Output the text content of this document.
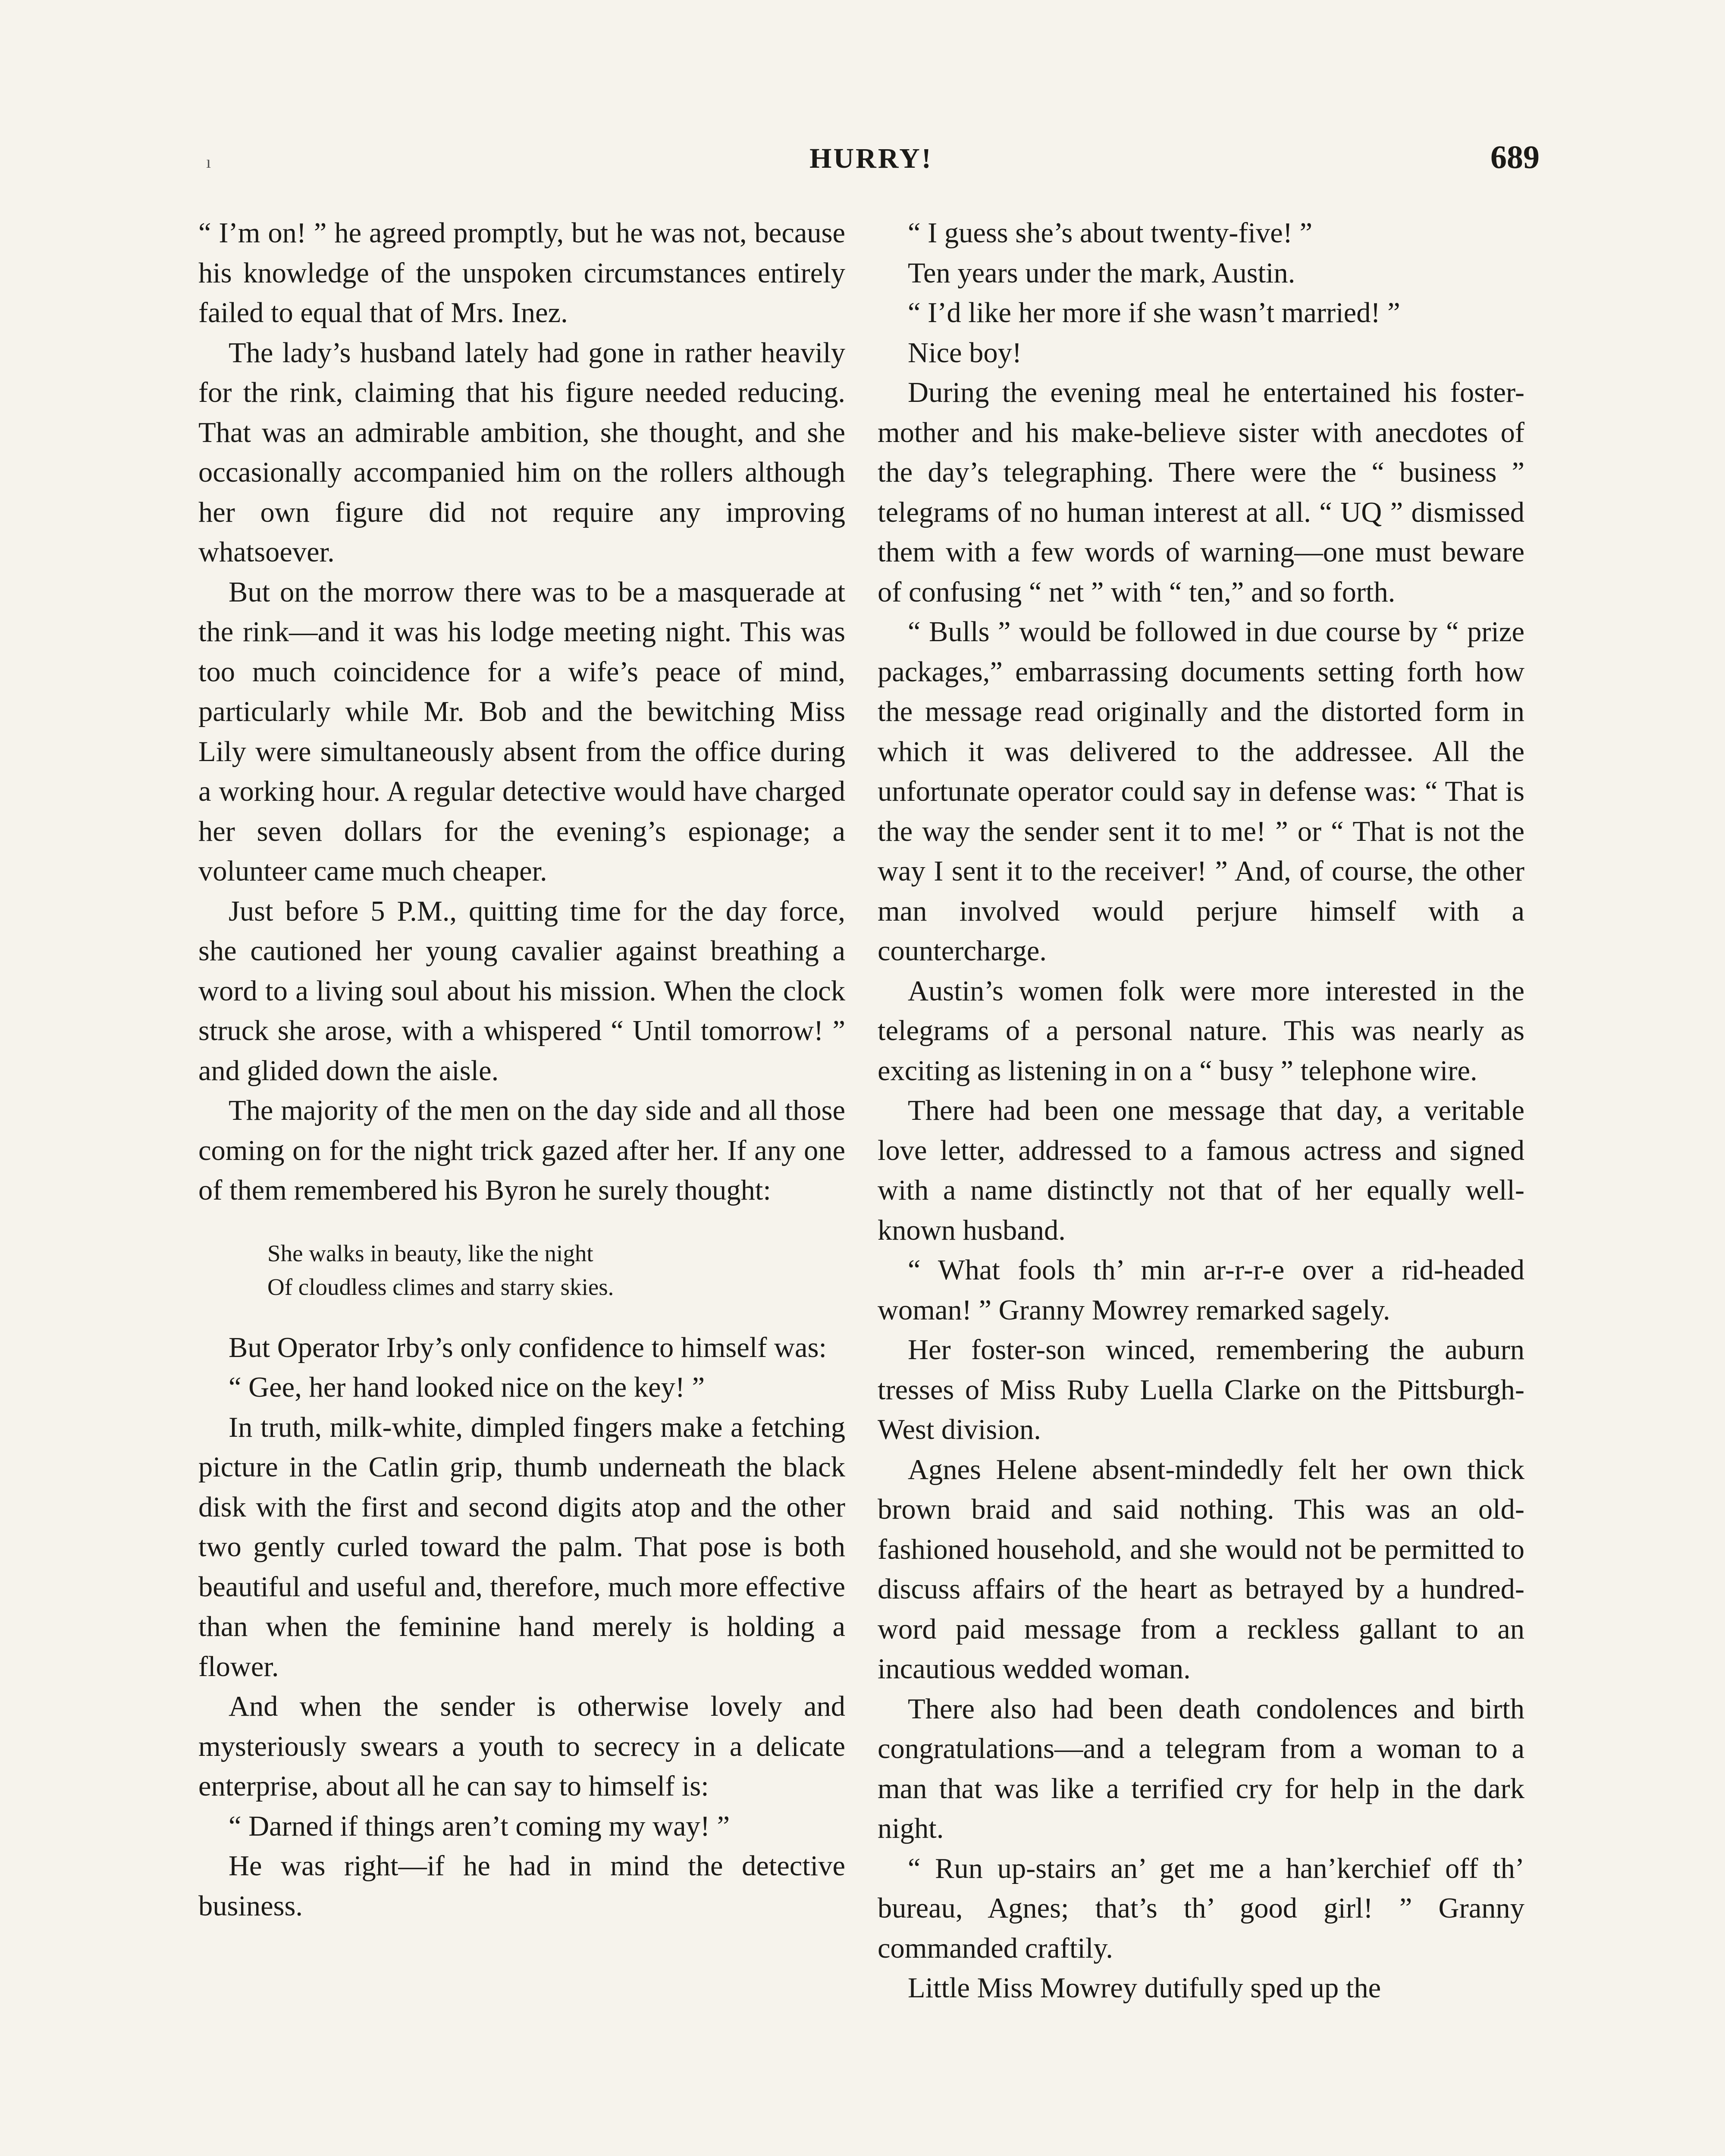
ı	HURRY!	689

“ I’m on! ” he agreed promptly, but he was not, because his knowledge of the unspoken circumstances entirely failed to equal that of Mrs. Inez.

The lady’s husband lately had gone in rather heavily for the rink, claiming that his figure needed reducing. That was an admirable ambition, she thought, and she occasionally accompanied him on the rollers although her own figure did not require any improving whatsoever.

But on the morrow there was to be a masquerade at the rink—and it was his lodge meeting night. This was too much coincidence for a wife’s peace of mind, particularly while Mr. Bob and the bewitching Miss Lily were simultaneously absent from the office during a working hour. A regular detective would have charged her seven dollars for the evening’s espionage; a volunteer came much cheaper.

Just before 5 P.M., quitting time for the day force, she cautioned her young cavalier against breathing a word to a living soul about his mission. When the clock struck she arose, with a whispered “ Until tomorrow! ” and glided down the aisle.

The majority of the men on the day side and all those coming on for the night trick gazed after her. If any one of them remembered his Byron he surely thought:

She walks in beauty, like the night
Of cloudless climes and starry skies.

But Operator Irby’s only confidence to himself was:

“ Gee, her hand looked nice on the key! ”

In truth, milk-white, dimpled fingers make a fetching picture in the Catlin grip, thumb underneath the black disk with the first and second digits atop and the other two gently curled toward the palm. That pose is both beautiful and useful and, therefore, much more effective than when the feminine hand merely is holding a flower.

And when the sender is otherwise lovely and mysteriously swears a youth to secrecy in a delicate enterprise, about all he can say to himself is:

“ Darned if things aren’t coming my way! ”

He was right—if he had in mind the detective business.

“ I guess she’s about twenty-five! ”

Ten years under the mark, Austin.

“ I’d like her more if she wasn’t married! ”

Nice boy!

During the evening meal he entertained his foster-mother and his make-believe sister with anecdotes of the day’s telegraphing. There were the “ business ” telegrams of no human interest at all. “ UQ ” dismissed them with a few words of warning—one must beware of confusing “ net ” with “ ten,” and so forth.

“ Bulls ” would be followed in due course by “ prize packages,” embarrassing documents setting forth how the message read originally and the distorted form in which it was delivered to the addressee. All the unfortunate operator could say in defense was: “ That is the way the sender sent it to me! ” or “ That is not the way I sent it to the receiver! ” And, of course, the other man involved would perjure himself with a countercharge.

Austin’s women folk were more interested in the telegrams of a personal nature. This was nearly as exciting as listening in on a “ busy ” telephone wire.

There had been one message that day, a veritable love letter, addressed to a famous actress and signed with a name distinctly not that of her equally well-known husband.

“ What fools th’ min ar-r-r-e over a rid-headed woman! ” Granny Mowrey remarked sagely.

Her foster-son winced, remembering the auburn tresses of Miss Ruby Luella Clarke on the Pittsburgh-West division.

Agnes Helene absent-mindedly felt her own thick brown braid and said nothing. This was an old-fashioned household, and she would not be permitted to discuss affairs of the heart as betrayed by a hundred-word paid message from a reckless gallant to an incautious wedded woman.

There also had been death condolences and birth congratulations—and a telegram from a woman to a man that was like a terrified cry for help in the dark night.

“ Run up-stairs an’ get me a han’kerchief off th’ bureau, Agnes; that’s th’ good girl! ” Granny commanded craftily.

Little Miss Mowrey dutifully sped up the
